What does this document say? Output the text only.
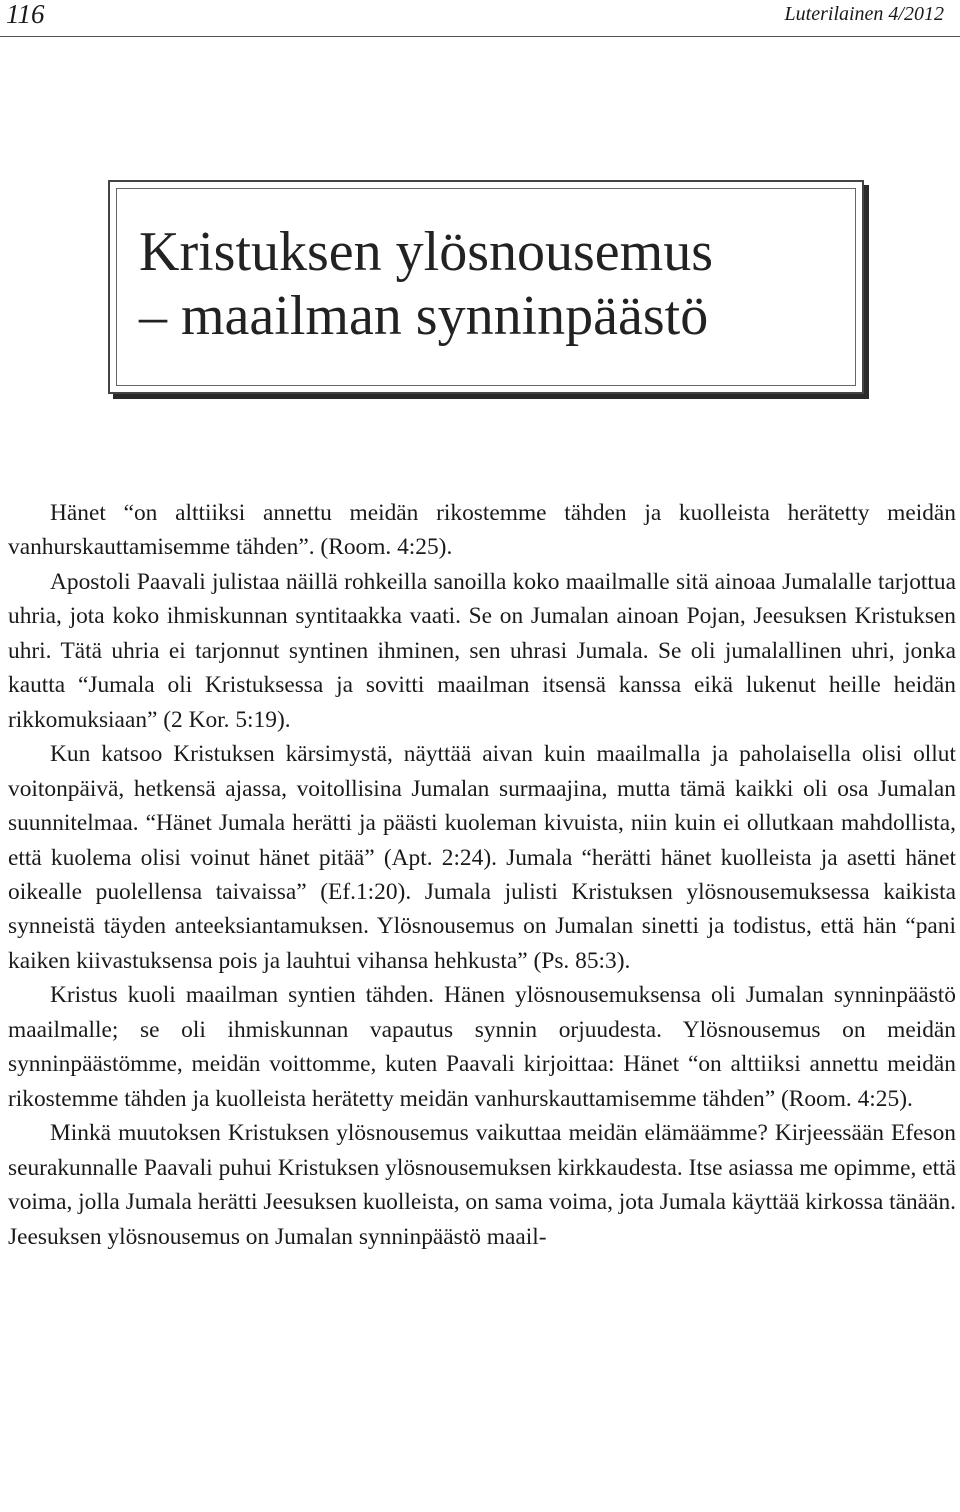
116	Luterilainen 4/2012
Kristuksen ylösnousemus
– maailman synninpäästö

Hänet “on alttiiksi annettu meidän rikostemme tähden ja kuolleista herätetty meidän vanhurskauttamisemme tähden”. (Room. 4:25).

Apostoli Paavali julistaa näillä rohkeilla sanoilla koko maailmalle sitä ainoaa Jumalalle tarjottua uhria, jota koko ihmiskunnan syntitaakka vaati. Se on Jumalan ainoan Pojan, Jeesuksen Kristuksen uhri. Tätä uhria ei tarjonnut syntinen ihminen, sen uhrasi Jumala. Se oli jumalallinen uhri, jonka kautta “Jumala oli Kristuksessa ja sovitti maailman itsensä kanssa eikä lukenut heille heidän rikkomuksiaan” (2 Kor. 5:19).

Kun katsoo Kristuksen kärsimystä, näyttää aivan kuin maailmalla ja paholaisella olisi ollut voitonpäivä, hetkensä ajassa, voitollisina Jumalan surmaajina, mutta tämä kaikki oli osa Jumalan suunnitelmaa. “Hänet Jumala herätti ja päästi kuoleman kivuista, niin kuin ei ollutkaan mahdollista, että kuolema olisi voinut hänet pitää” (Apt. 2:24). Jumala “herätti hänet kuolleista ja asetti hänet oikealle puolellensa taivaissa” (Ef.1:20). Jumala julisti Kristuksen ylösnousemuksessa kaikista synneistä täyden anteeksiantamuksen. Ylösnousemus on Jumalan sinetti ja todistus, että hän “pani kaiken kiivastuksensa pois ja lauhtui vihansa hehkusta” (Ps. 85:3).

Kristus kuoli maailman syntien tähden. Hänen ylösnousemuksensa oli Jumalan synninpäästö maailmalle; se oli ihmiskunnan vapautus synnin orjuudesta. Ylösnousemus on meidän synninpäästömme, meidän voittomme, kuten Paavali kirjoittaa: Hänet “on alttiiksi annettu meidän rikostemme tähden ja kuolleista herätetty meidän vanhurskauttamisemme tähden” (Room. 4:25).

Minkä muutoksen Kristuksen ylösnousemus vaikuttaa meidän elämäämme? Kirjeessään Efeson seurakunnalle Paavali puhui Kristuksen ylösnousemuksen kirkkaudesta. Itse asiassa me opimme, että voima, jolla Jumala herätti Jeesuksen kuolleista, on sama voima, jota Jumala käyttää kirkossa tänään. Jeesuksen ylösnousemus on Jumalan synninpäästö maail-
